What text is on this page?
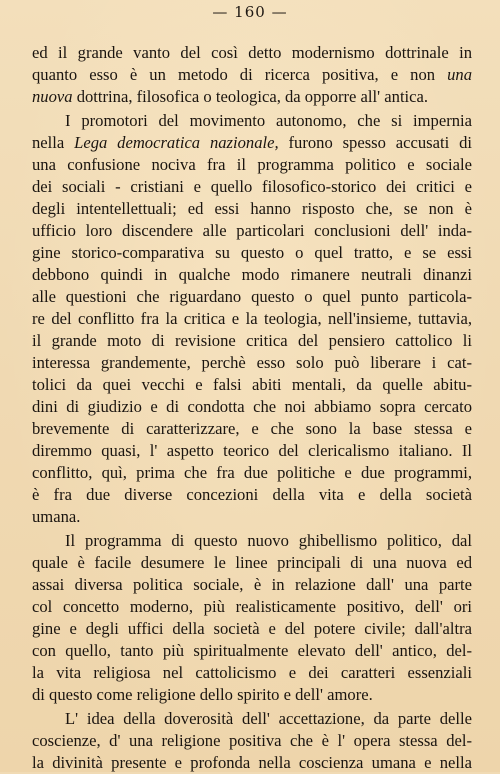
— 160 —
ed il grande vanto del così detto modernismo dottrinale in
quanto esso è un metodo di ricerca positiva, e non una
nuova dottrina, filosofica o teologica, da opporre all' antica.
I promotori del movimento autonomo, che si impernia
nella Lega democratica nazionale, furono spesso accusati di
una confusione nociva fra il programma politico e sociale
dei sociali - cristiani e quello filosofico-storico dei critici e
degli intentellettuali; ed essi hanno risposto che, se non è
ufficio loro discendere alle particolari conclusioni dell' inda-
gine storico-comparativa su questo o quel tratto, e se essi
debbono quindi in qualche modo rimanere neutrali dinanzi
alle questioni che riguardano questo o quel punto particola-
re del conflitto fra la critica e la teologia, nell'insieme, tuttavia,
il grande moto di revisione critica del pensiero cattolico li
interessa grandemente, perchè esso solo può liberare i cat-
tolici da quei vecchi e falsi abiti mentali, da quelle abitu-
dini di giudizio e di condotta che noi abbiamo sopra cercato
brevemente di caratterizzare, e che sono la base stessa e
diremmo quasi, l' aspetto teorico del clericalismo italiano. Il
conflitto, quì, prima che fra due politiche e due programmi,
è fra due diverse concezioni della vita e della società
umana.
Il programma di questo nuovo ghibellismo politico, dal
quale è facile desumere le linee principali di una nuova ed
assai diversa politica sociale, è in relazione dall' una parte
col concetto moderno, più realisticamente positivo, dell' ori
gine e degli uffici della società e del potere civile; dall'altra
con quello, tanto più spiritualmente elevato dell' antico, del-
la vita religiosa nel cattolicismo e dei caratteri essenziali
di questo come religione dello spirito e dell' amore.
L' idea della doverosità dell' accettazione, da parte delle
coscienze, d' una religione positiva che è l' opera stessa del-
la divinità presente e profonda nella coscienza umana e nella
